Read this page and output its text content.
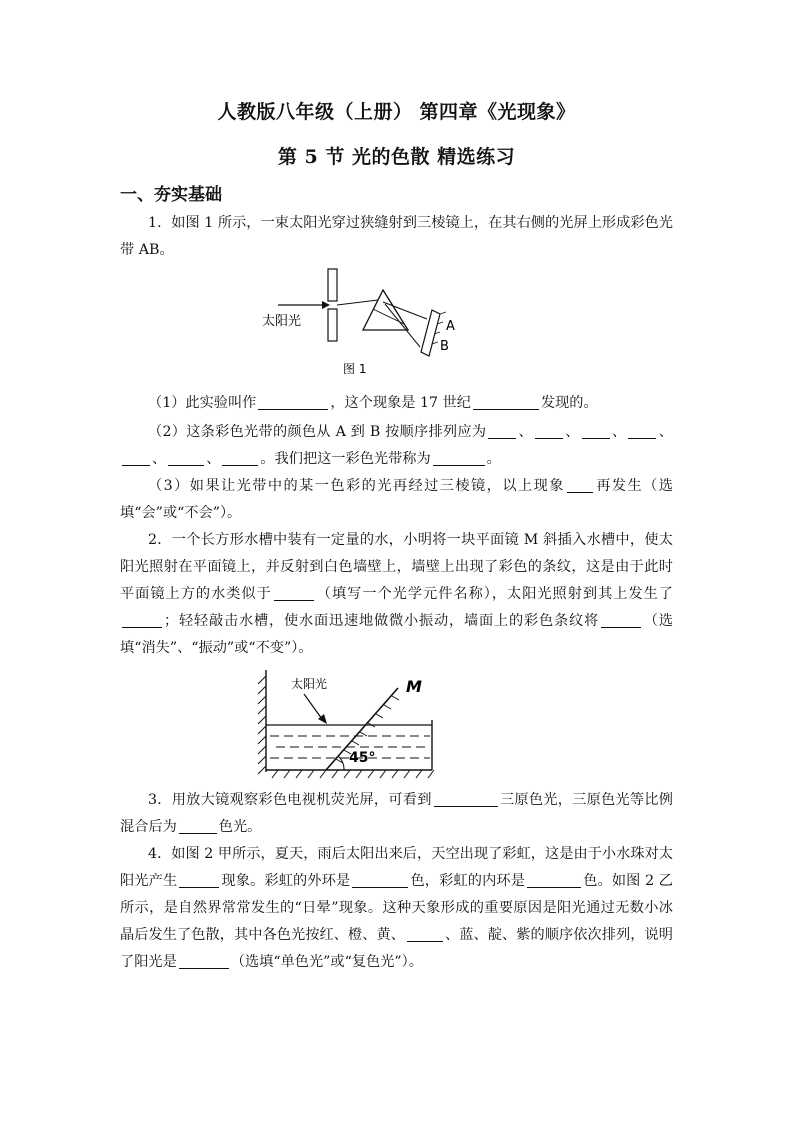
人教版八年级（上册） 第四章《光现象》
第 5 节 光的色散 精选练习
一、夯实基础
1．如图 1 所示，一束太阳光穿过狭缝射到三棱镜上，在其右侧的光屏上形成彩色光带 AB。
太阳光	A
B
图 1
（1）此实验叫作	，这个现象是 17 世纪	发现的。
（2）这条彩色光带的颜色从 A 到 B 按顺序排列应为 、 、 、 、、	、	。我们把这一彩色光带称为	。
（3）如果让光带中的某一色彩的光再经过三棱镜，以上现象 再发生（选填“会”或“不会”）。
2．一个长方形水槽中装有一定量的水，小明将一块平面镜 M 斜插入水槽中，使太阳光照射在平面镜上，并反射到白色墙壁上，墙壁上出现了彩色的条纹，这是由于此时平面镜上方的水类似于	（填写一个光学元件名称），太阳光照射到其上发生了；轻轻敲击水槽，使水面迅速地做微小振动，墙面上的彩色条纹将	（选填“消失”、“振动”或“不变”）。
太阳光	M
45°
3．用放大镜观察彩色电视机荧光屏，可看到	三原色光，三原色光等比例混合后为	色光。
4．如图 2 甲所示，夏天，雨后太阳出来后，天空出现了彩虹，这是由于小水珠对太阳光产生	现象。彩虹的外环是	色，彩虹的内环是	色。如图 2 乙所示，是自然界常常发生的“日晕”现象。这种天象形成的重要原因是阳光通过无数小冰晶后发生了色散，其中各色光按红、橙、黄、	、蓝、靛、紫的顺序依次排列，说明了阳光是	（选填“单色光”或“复色光”）。
